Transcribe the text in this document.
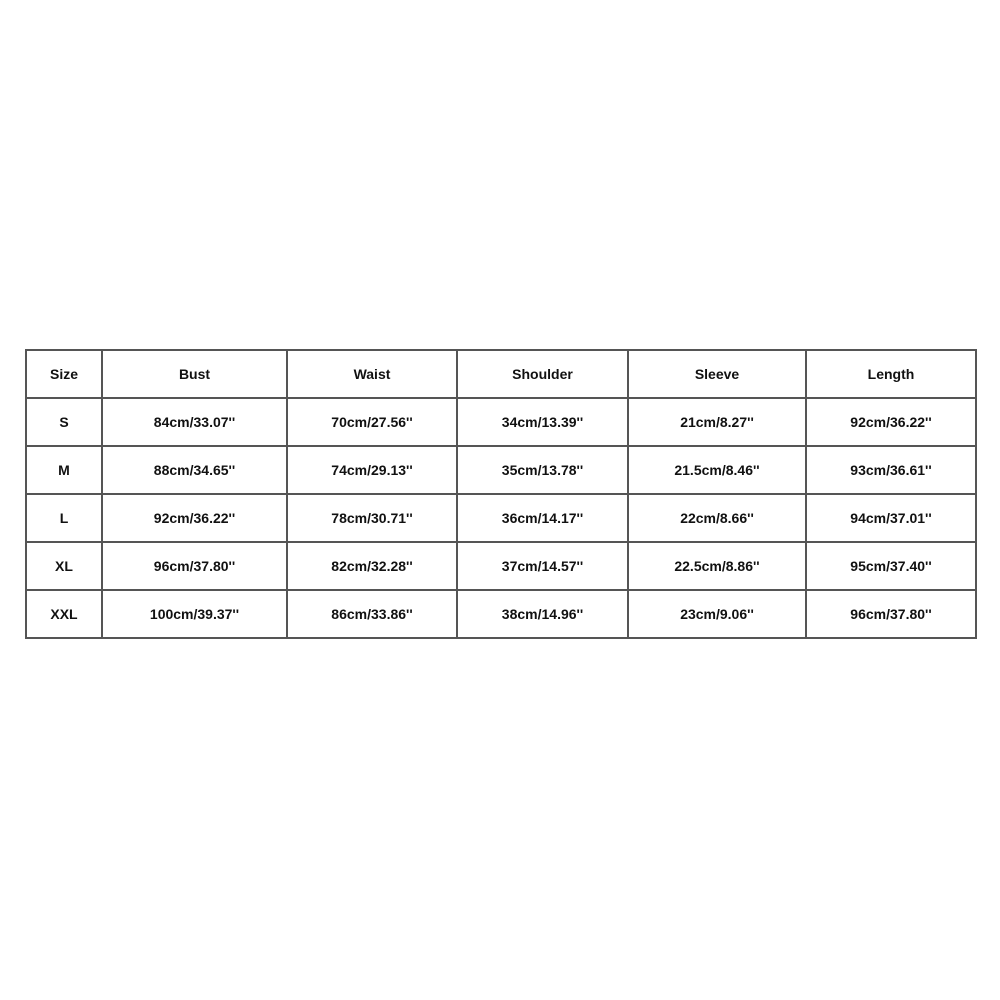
Size	Bust	Waist	Shoulder	Sleeve	Length
S	84cm/33.07''	70cm/27.56''	34cm/13.39''	21cm/8.27''	92cm/36.22''
M	88cm/34.65''	74cm/29.13''	35cm/13.78''	21.5cm/8.46''	93cm/36.61''
L	92cm/36.22''	78cm/30.71''	36cm/14.17''	22cm/8.66''	94cm/37.01''
XL	96cm/37.80''	82cm/32.28''	37cm/14.57''	22.5cm/8.86''	95cm/37.40''
XXL	100cm/39.37''	86cm/33.86''	38cm/14.96''	23cm/9.06''	96cm/37.80''
